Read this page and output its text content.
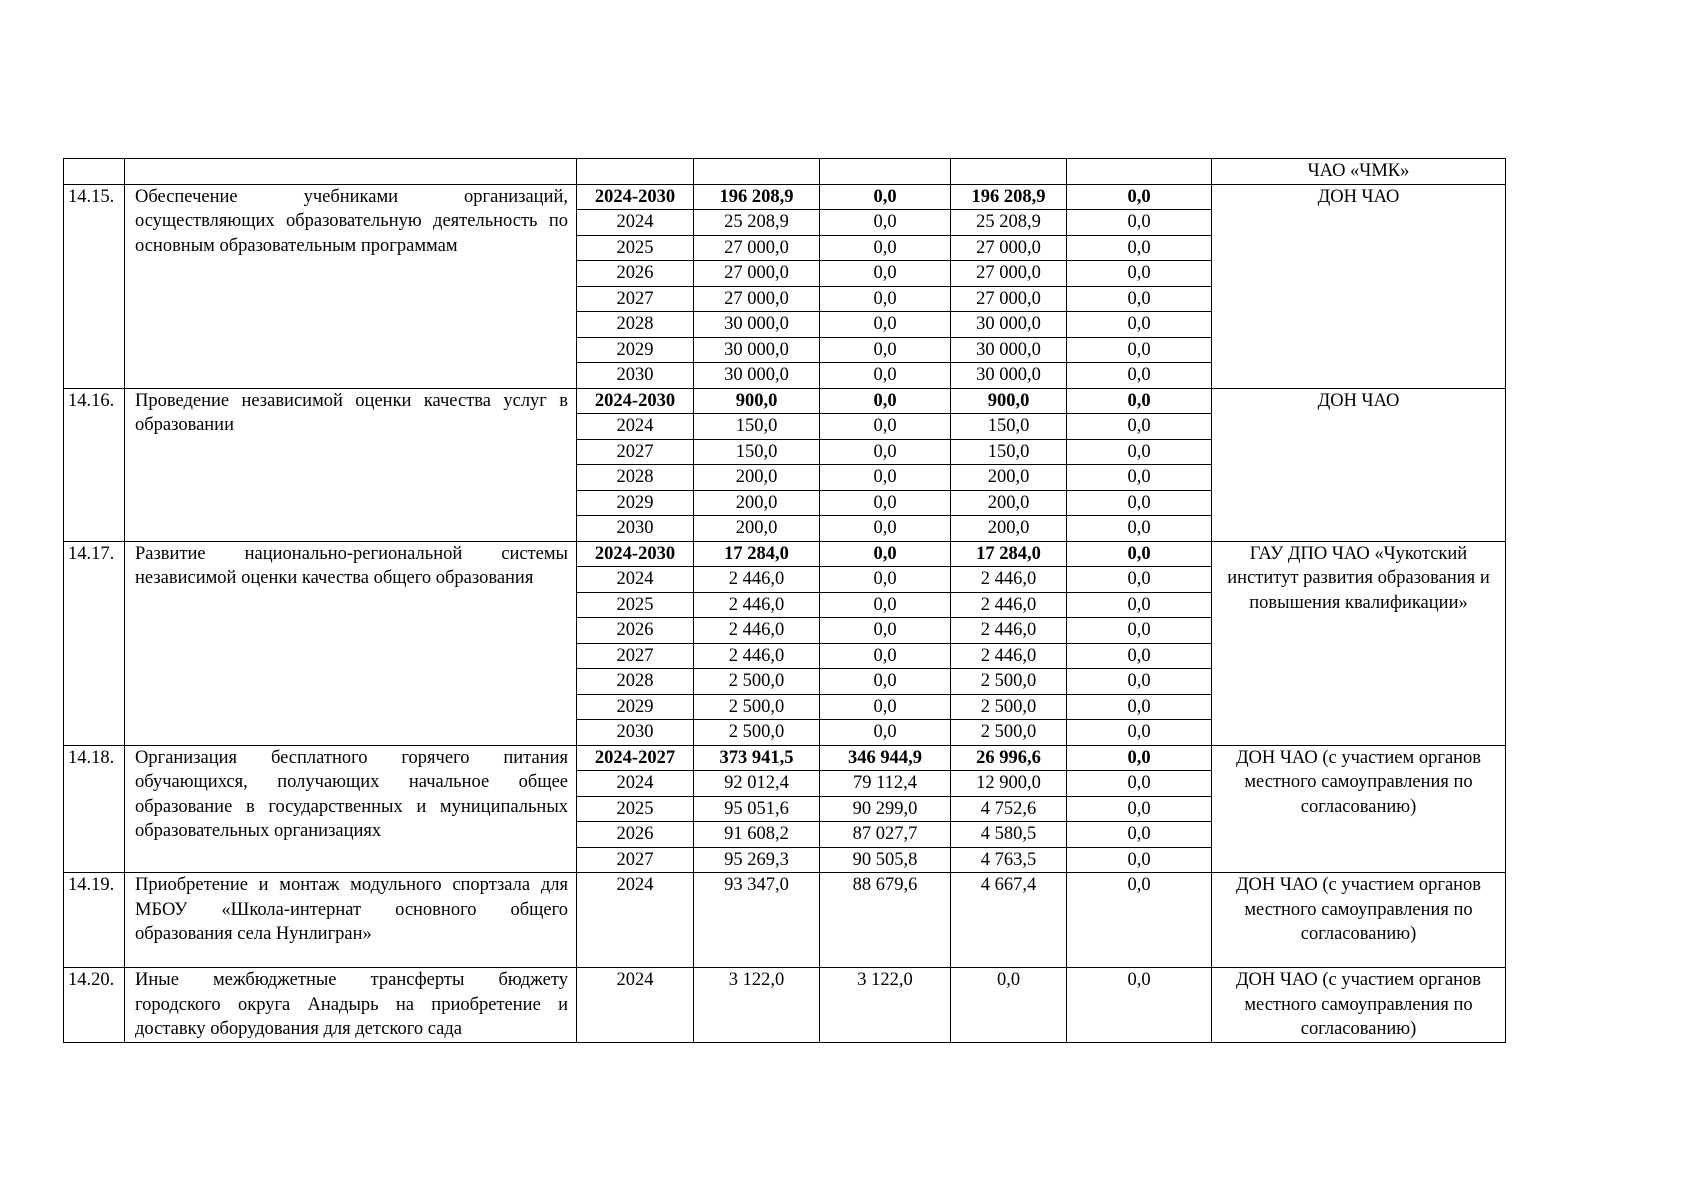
							ЧАО «ЧМК»
14.15.	Обеспечение учебниками организаций, осуществляющих образовательную деятельность по основным образовательным программам	2024-2030	196 208,9	0,0	196 208,9	0,0	ДОН ЧАО
		2024	25 208,9	0,0	25 208,9	0,0	
		2025	27 000,0	0,0	27 000,0	0,0	
		2026	27 000,0	0,0	27 000,0	0,0	
		2027	27 000,0	0,0	27 000,0	0,0	
		2028	30 000,0	0,0	30 000,0	0,0	
		2029	30 000,0	0,0	30 000,0	0,0	
		2030	30 000,0	0,0	30 000,0	0,0	
14.16.	Проведение независимой оценки качества услуг в образовании	2024-2030	900,0	0,0	900,0	0,0	ДОН ЧАО
		2024	150,0	0,0	150,0	0,0	
		2027	150,0	0,0	150,0	0,0	
		2028	200,0	0,0	200,0	0,0	
		2029	200,0	0,0	200,0	0,0	
		2030	200,0	0,0	200,0	0,0	
14.17.	Развитие национально-региональной системы независимой оценки качества общего образования	2024-2030	17 284,0	0,0	17 284,0	0,0	ГАУ ДПО ЧАО «Чукотский институт развития образования и повышения квалификации»
		2024	2 446,0	0,0	2 446,0	0,0	
		2025	2 446,0	0,0	2 446,0	0,0	
		2026	2 446,0	0,0	2 446,0	0,0	
		2027	2 446,0	0,0	2 446,0	0,0	
		2028	2 500,0	0,0	2 500,0	0,0	
		2029	2 500,0	0,0	2 500,0	0,0	
		2030	2 500,0	0,0	2 500,0	0,0	
14.18.	Организация бесплатного горячего питания обучающихся, получающих начальное общее образование в государственных и муниципальных образовательных организациях	2024-2027	373 941,5	346 944,9	26 996,6	0,0	ДОН ЧАО (с участием органов местного самоуправления по согласованию)
		2024	92 012,4	79 112,4	12 900,0	0,0	
		2025	95 051,6	90 299,0	4 752,6	0,0	
		2026	91 608,2	87 027,7	4 580,5	0,0	
		2027	95 269,3	90 505,8	4 763,5	0,0	
14.19.	Приобретение и монтаж модульного спортзала для МБОУ «Школа-интернат основного общего образования села Нунлигран»	2024	93 347,0	88 679,6	4 667,4	0,0	ДОН ЧАО (с участием органов местного самоуправления по согласованию)
14.20.	Иные межбюджетные трансферты бюджету городского округа Анадырь на приобретение и доставку оборудования для детского сада	2024	3 122,0	3 122,0	0,0	0,0	ДОН ЧАО (с участием органов местного самоуправления по согласованию)
